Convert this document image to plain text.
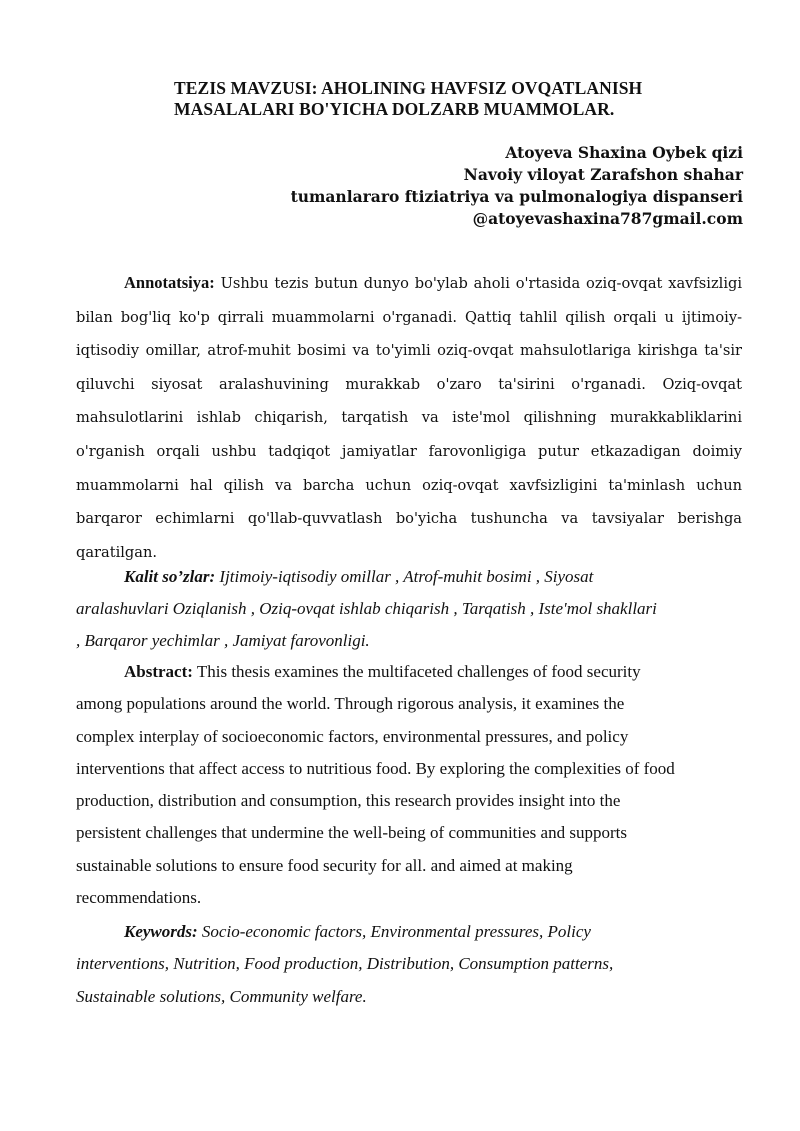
TEZIS MAVZUSI: AHOLINING HAVFSIZ OVQATLANISH
MASALALARI BO'YICHA DOLZARB MUAMMOLAR.
Atoyeva Shaxina Oybek qizi
Navoiy viloyat Zarafshon shahar
tumanlararo ftiziatriya va pulmonalogiya dispanseri
@atoyevashaxina787gmail.com
Annotatsiya: Ushbu tezis butun dunyo bo'ylab aholi o'rtasida oziq-ovqat xavfsizligi
bilan bog'liq ko'p qirrali muammolarni o'rganadi. Qattiq tahlil qilish orqali u ijtimoiy-
iqtisodiy omillar, atrof-muhit bosimi va to'yimli oziq-ovqat mahsulotlariga kirishga ta'sir
qiluvchi siyosat aralashuvining murakkab o'zaro ta'sirini o'rganadi. Oziq-ovqat
mahsulotlarini ishlab chiqarish, tarqatish va iste'mol qilishning murakkabliklarini
o'rganish orqali ushbu tadqiqot jamiyatlar farovonligiga putur etkazadigan doimiy
muammolarni hal qilish va barcha uchun oziq-ovqat xavfsizligini ta'minlash uchun
barqaror echimlarni qo'llab-quvvatlash bo'yicha tushuncha va tavsiyalar berishga
qaratilgan.
Kalit so’zlar: Ijtimoiy-iqtisodiy omillar , Atrof-muhit bosimi , Siyosat
aralashuvlari Oziqlanish , Oziq-ovqat ishlab chiqarish , Tarqatish , Iste'mol shakllari
, Barqaror yechimlar , Jamiyat farovonligi.
Abstract: This thesis examines the multifaceted challenges of food security
among populations around the world. Through rigorous analysis, it examines the
complex interplay of socioeconomic factors, environmental pressures, and policy
interventions that affect access to nutritious food. By exploring the complexities of food
production, distribution and consumption, this research provides insight into the
persistent challenges that undermine the well-being of communities and supports
sustainable solutions to ensure food security for all. and aimed at making
recommendations.
Keywords: Socio-economic factors, Environmental pressures, Policy
interventions, Nutrition, Food production, Distribution, Consumption patterns,
Sustainable solutions, Community welfare.
